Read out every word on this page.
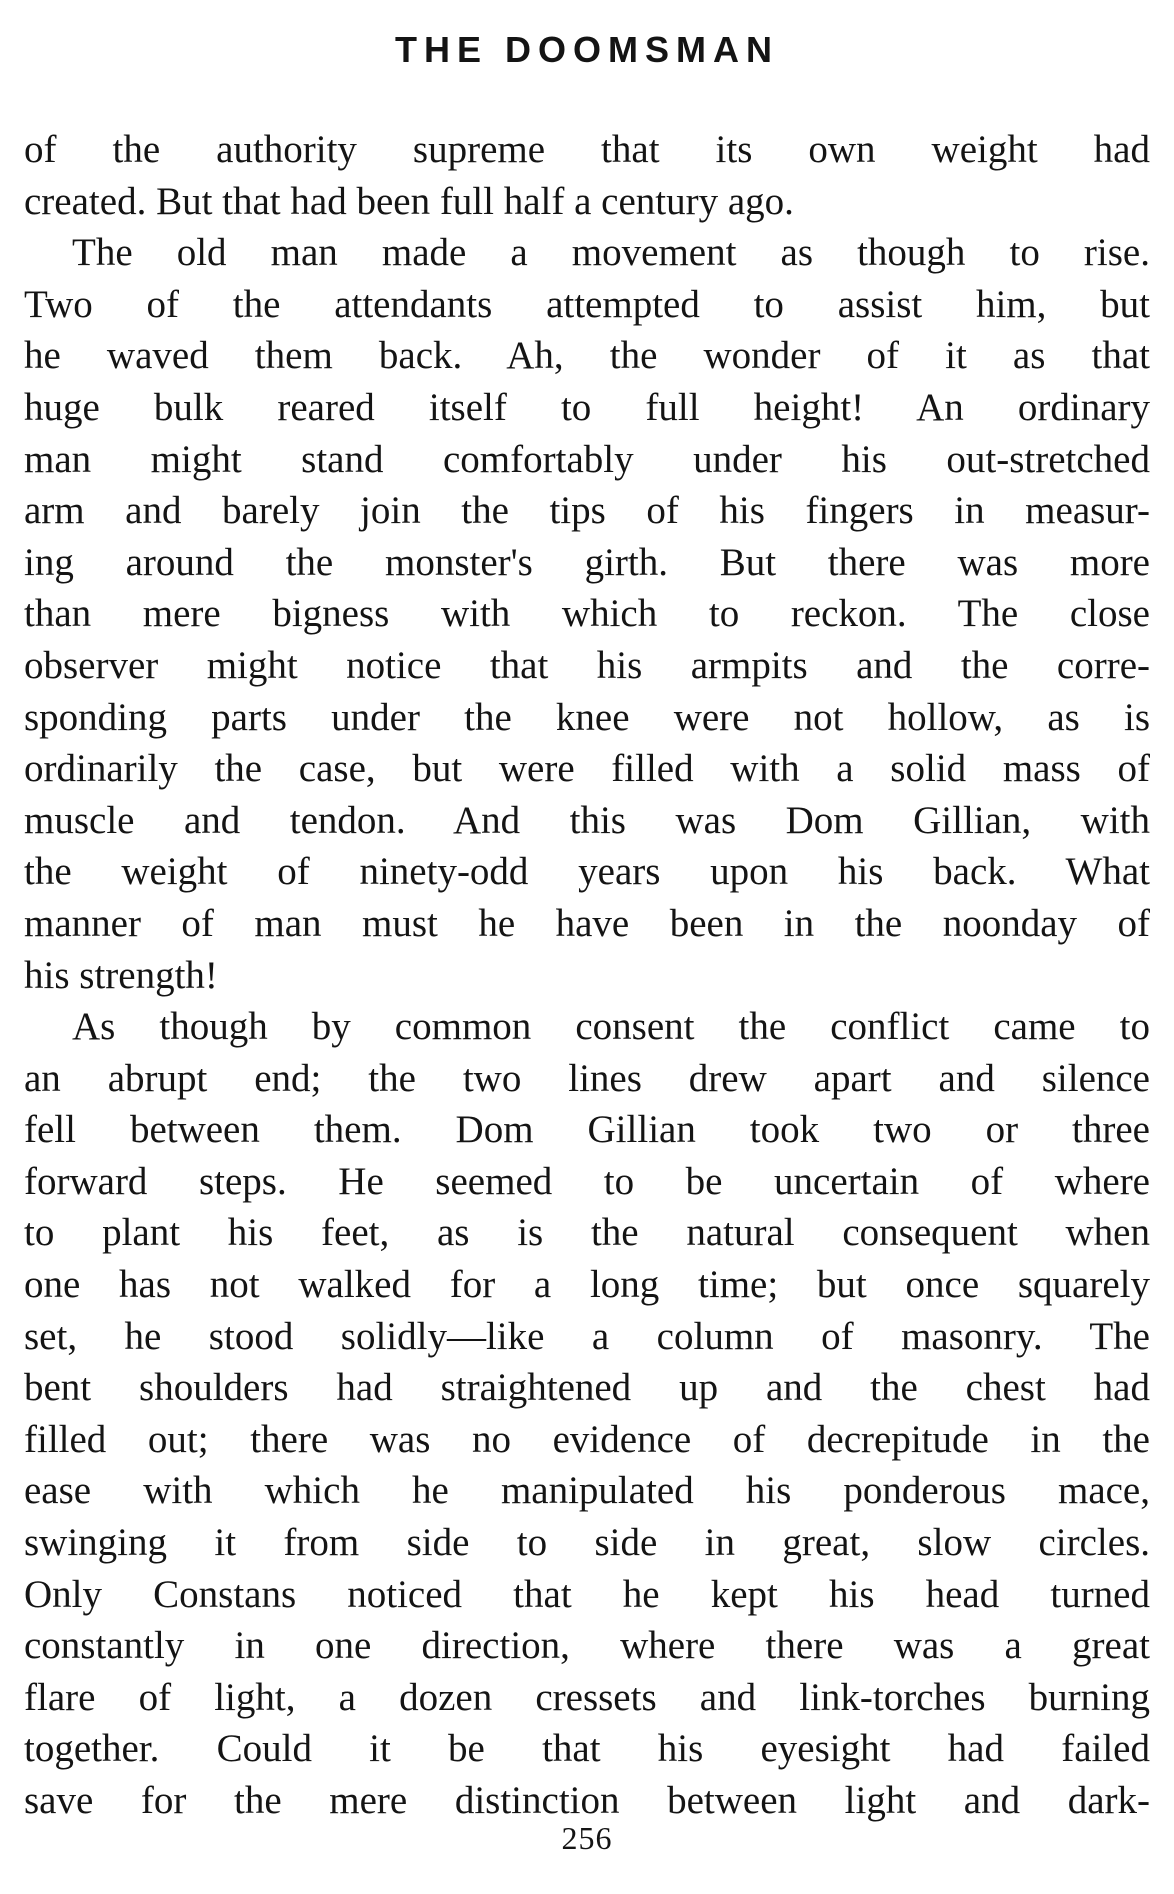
THE DOOMSMAN
of the authority supreme that its own weight had
created. But that had been full half a century ago.
The old man made a movement as though to rise.
Two of the attendants attempted to assist him, but
he waved them back. Ah, the wonder of it as that
huge bulk reared itself to full height! An ordinary
man might stand comfortably under his out-stretched
arm and barely join the tips of his fingers in measur-
ing around the monster's girth. But there was more
than mere bigness with which to reckon. The close
observer might notice that his armpits and the corre-
sponding parts under the knee were not hollow, as is
ordinarily the case, but were filled with a solid mass of
muscle and tendon. And this was Dom Gillian, with
the weight of ninety-odd years upon his back. What
manner of man must he have been in the noonday of
his strength!
As though by common consent the conflict came to
an abrupt end; the two lines drew apart and silence
fell between them. Dom Gillian took two or three
forward steps. He seemed to be uncertain of where
to plant his feet, as is the natural consequent when
one has not walked for a long time; but once squarely
set, he stood solidly—like a column of masonry. The
bent shoulders had straightened up and the chest had
filled out; there was no evidence of decrepitude in the
ease with which he manipulated his ponderous mace,
swinging it from side to side in great, slow circles.
Only Constans noticed that he kept his head turned
constantly in one direction, where there was a great
flare of light, a dozen cressets and link-torches burning
together. Could it be that his eyesight had failed
save for the mere distinction between light and dark-
256
